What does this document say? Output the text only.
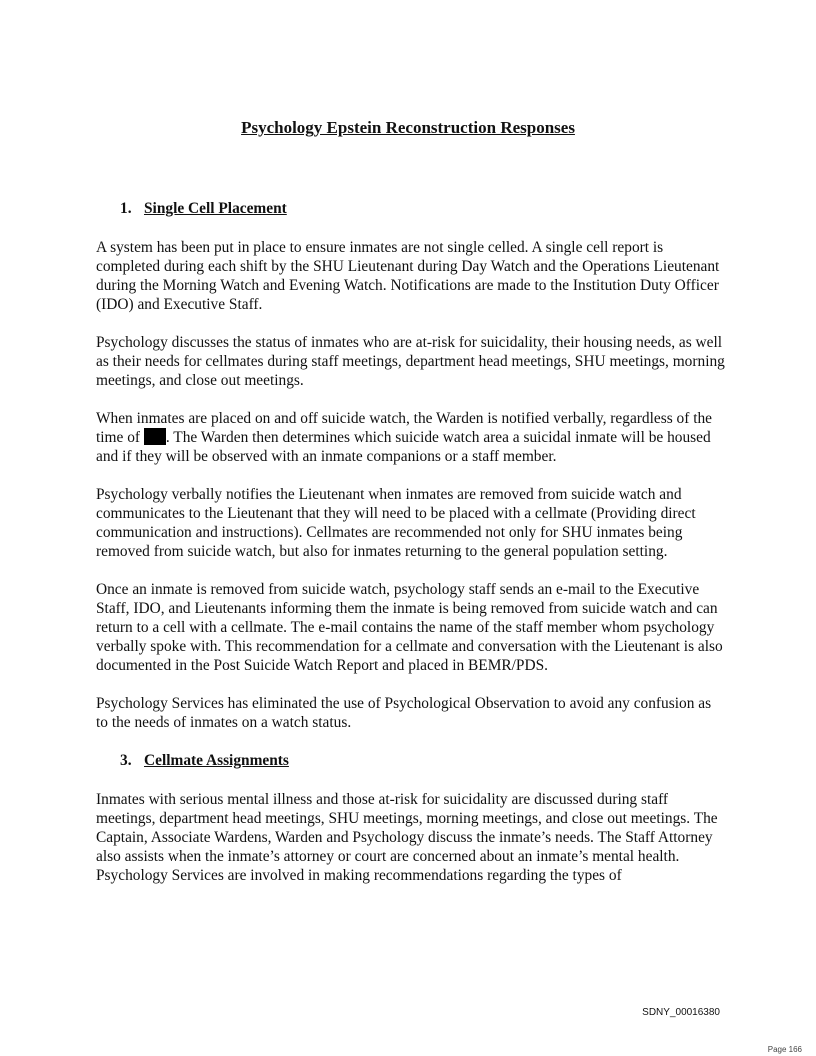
Psychology Epstein Reconstruction Responses
1. Single Cell Placement

A system has been put in place to ensure inmates are not single celled. A single cell report is completed during each shift by the SHU Lieutenant during Day Watch and the Operations Lieutenant during the Morning Watch and Evening Watch. Notifications are made to the Institution Duty Officer (IDO) and Executive Staff.

Psychology discusses the status of inmates who are at-risk for suicidality, their housing needs, as well as their needs for cellmates during staff meetings, department head meetings, SHU meetings, morning meetings, and close out meetings.

When inmates are placed on and off suicide watch, the Warden is notified verbally, regardless of the time of . The Warden then determines which suicide watch area a suicidal inmate will be housed and if they will be observed with an inmate companions or a staff member.

Psychology verbally notifies the Lieutenant when inmates are removed from suicide watch and communicates to the Lieutenant that they will need to be placed with a cellmate (Providing direct communication and instructions). Cellmates are recommended not only for SHU inmates being removed from suicide watch, but also for inmates returning to the general population setting.

Once an inmate is removed from suicide watch, psychology staff sends an e-mail to the Executive Staff, IDO, and Lieutenants informing them the inmate is being removed from suicide watch and can return to a cell with a cellmate. The e-mail contains the name of the staff member whom psychology verbally spoke with. This recommendation for a cellmate and conversation with the Lieutenant is also documented in the Post Suicide Watch Report and placed in BEMR/PDS.

Psychology Services has eliminated the use of Psychological Observation to avoid any confusion as to the needs of inmates on a watch status.

3. Cellmate Assignments

Inmates with serious mental illness and those at-risk for suicidality are discussed during staff meetings, department head meetings, SHU meetings, morning meetings, and close out meetings. The Captain, Associate Wardens, Warden and Psychology discuss the inmate’s needs. The Staff Attorney also assists when the inmate’s attorney or court are concerned about an inmate’s mental health. Psychology Services are involved in making recommendations regarding the types of

SDNY_00016380
Page 166
